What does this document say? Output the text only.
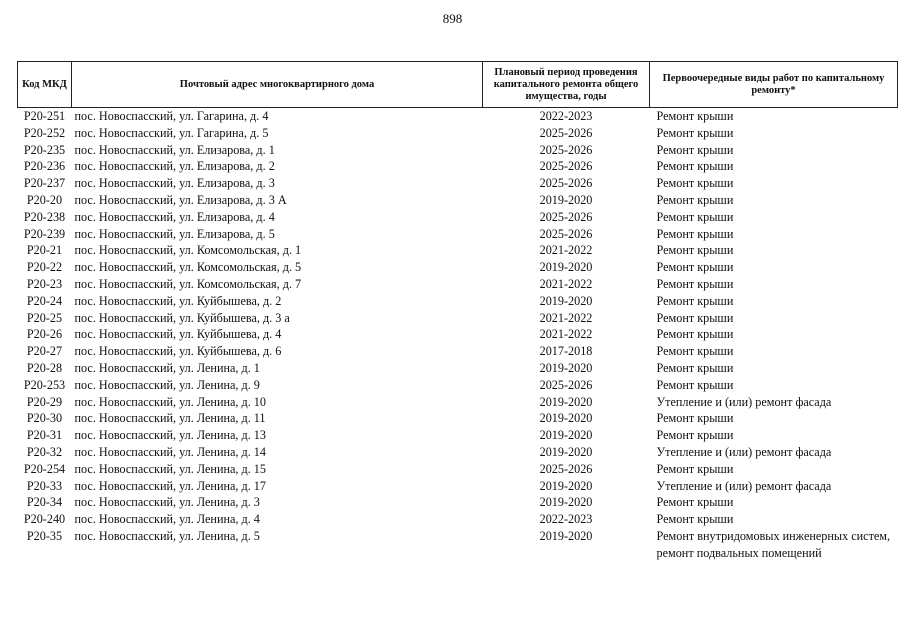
898
Код МКД	Почтовый адрес многоквартирного дома	Плановый период проведения капитального ремонта общего имущества, годы	Первоочередные виды работ по капитальному ремонту*
Р20-251	пос. Новоспасский, ул. Гагарина, д. 4	2022-2023	Ремонт крыши
Р20-252	пос. Новоспасский, ул. Гагарина, д. 5	2025-2026	Ремонт крыши
Р20-235	пос. Новоспасский, ул. Елизарова, д. 1	2025-2026	Ремонт крыши
Р20-236	пос. Новоспасский, ул. Елизарова, д. 2	2025-2026	Ремонт крыши
Р20-237	пос. Новоспасский, ул. Елизарова, д. 3	2025-2026	Ремонт крыши
Р20-20	пос. Новоспасский, ул. Елизарова, д. 3 А	2019-2020	Ремонт крыши
Р20-238	пос. Новоспасский, ул. Елизарова, д. 4	2025-2026	Ремонт крыши
Р20-239	пос. Новоспасский, ул. Елизарова, д. 5	2025-2026	Ремонт крыши
Р20-21	пос. Новоспасский, ул. Комсомольская, д. 1	2021-2022	Ремонт крыши
Р20-22	пос. Новоспасский, ул. Комсомольская, д. 5	2019-2020	Ремонт крыши
Р20-23	пос. Новоспасский, ул. Комсомольская, д. 7	2021-2022	Ремонт крыши
Р20-24	пос. Новоспасский, ул. Куйбышева, д. 2	2019-2020	Ремонт крыши
Р20-25	пос. Новоспасский, ул. Куйбышева, д. 3 а	2021-2022	Ремонт крыши
Р20-26	пос. Новоспасский, ул. Куйбышева, д. 4	2021-2022	Ремонт крыши
Р20-27	пос. Новоспасский, ул. Куйбышева, д. 6	2017-2018	Ремонт крыши
Р20-28	пос. Новоспасский, ул. Ленина, д. 1	2019-2020	Ремонт крыши
Р20-253	пос. Новоспасский, ул. Ленина, д. 9	2025-2026	Ремонт крыши
Р20-29	пос. Новоспасский, ул. Ленина, д. 10	2019-2020	Утепление и (или) ремонт фасада
Р20-30	пос. Новоспасский, ул. Ленина, д. 11	2019-2020	Ремонт крыши
Р20-31	пос. Новоспасский, ул. Ленина, д. 13	2019-2020	Ремонт крыши
Р20-32	пос. Новоспасский, ул. Ленина, д. 14	2019-2020	Утепление и (или) ремонт фасада
Р20-254	пос. Новоспасский, ул. Ленина, д. 15	2025-2026	Ремонт крыши
Р20-33	пос. Новоспасский, ул. Ленина, д. 17	2019-2020	Утепление и (или) ремонт фасада
Р20-34	пос. Новоспасский, ул. Ленина, д. 3	2019-2020	Ремонт крыши
Р20-240	пос. Новоспасский, ул. Ленина, д. 4	2022-2023	Ремонт крыши
Р20-35	пос. Новоспасский, ул. Ленина, д. 5	2019-2020	Ремонт внутридомовых инженерных систем, ремонт подвальных помещений
